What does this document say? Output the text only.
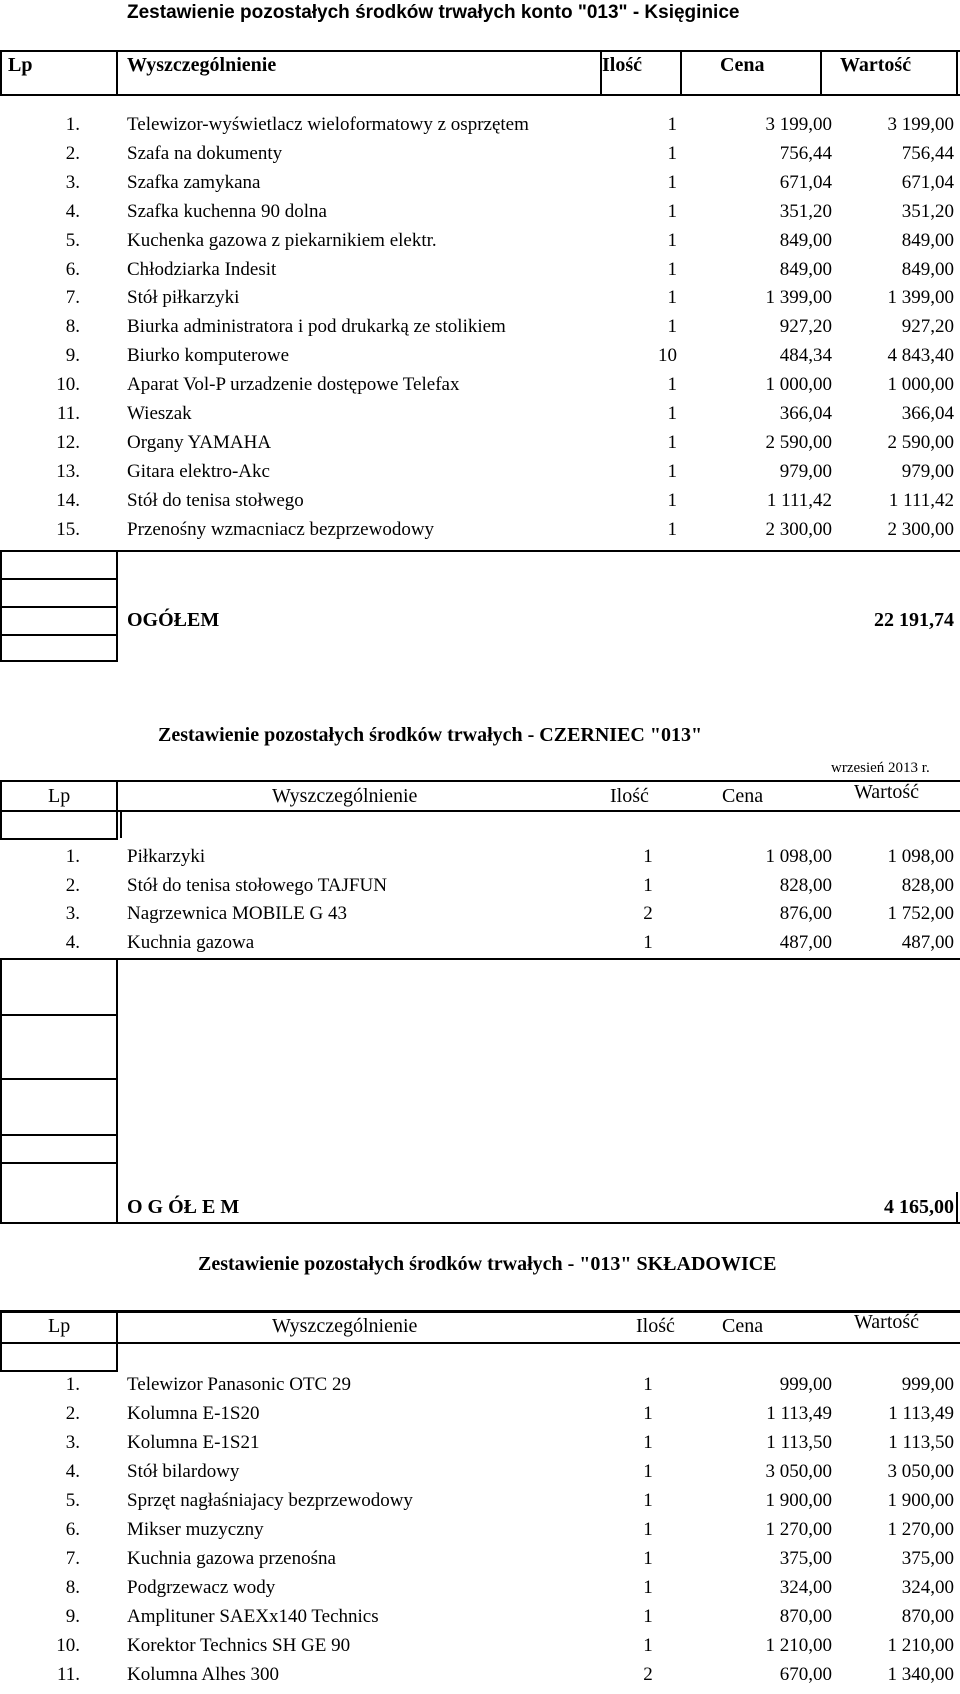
Zestawienie pozostałych środków trwałych konto "013" - Księginice
Lp	Wyszczególnienie	Ilość	Cena	Wartość
1. Telewizor-wyświetlacz wieloformatowy z osprzętem	1	3 199,00	3 199,00
2. Szafa na dokumenty	1	756,44	756,44
3. Szafka zamykana	1	671,04	671,04
4. Szafka kuchenna 90 dolna	1	351,20	351,20
5. Kuchenka gazowa z piekarnikiem elektr.	1	849,00	849,00
6. Chłodziarka Indesit	1	849,00	849,00
7. Stół piłkarzyki	1	1 399,00	1 399,00
8. Biurka administratora i pod drukarką ze stolikiem	1	927,20	927,20
9. Biurko komputerowe	10	484,34	4 843,40
10. Aparat Vol-P urzadzenie dostępowe Telefax	1	1 000,00	1 000,00
11. Wieszak	1	366,04	366,04
12. Organy YAMAHA	1	2 590,00	2 590,00
13. Gitara elektro-Akc	1	979,00	979,00
14. Stół do tenisa stołwego	1	1 111,42	1 111,42
15. Przenośny wzmacniacz bezprzewodowy	1	2 300,00	2 300,00
OGÓŁEM	22 191,74
Zestawienie pozostałych środków trwałych - CZERNIEC "013"
wrzesień 2013 r.
Lp	Wyszczególnienie	Ilość	Cena	Wartość
1. Piłkarzyki	1	1 098,00	1 098,00
2. Stół do tenisa stołowego TAJFUN	1	828,00	828,00
3. Nagrzewnica MOBILE G 43	2	876,00	1 752,00
4. Kuchnia gazowa	1	487,00	487,00
O G ÓŁ E M	4 165,00
Zestawienie pozostałych środków trwałych - "013" SKŁADOWICE
Lp	Wyszczególnienie	Ilość Cena	Wartość
1. Telewizor Panasonic OTC 29	1	999,00	999,00
2. Kolumna E-1S20	1	1 113,49	1 113,49
3. Kolumna E-1S21	1	1 113,50	1 113,50
4. Stół bilardowy	1	3 050,00	3 050,00
5. Sprzęt nagłaśniajacy bezprzewodowy	1	1 900,00	1 900,00
6. Mikser muzyczny	1	1 270,00	1 270,00
7. Kuchnia gazowa przenośna	1	375,00	375,00
8. Podgrzewacz wody	1	324,00	324,00
9. Amplituner SAEXx140 Technics	1	870,00	870,00
10. Korektor Technics SH GE 90	1	1 210,00	1 210,00
11. Kolumna Alhes 300	2	670,00	1 340,00
